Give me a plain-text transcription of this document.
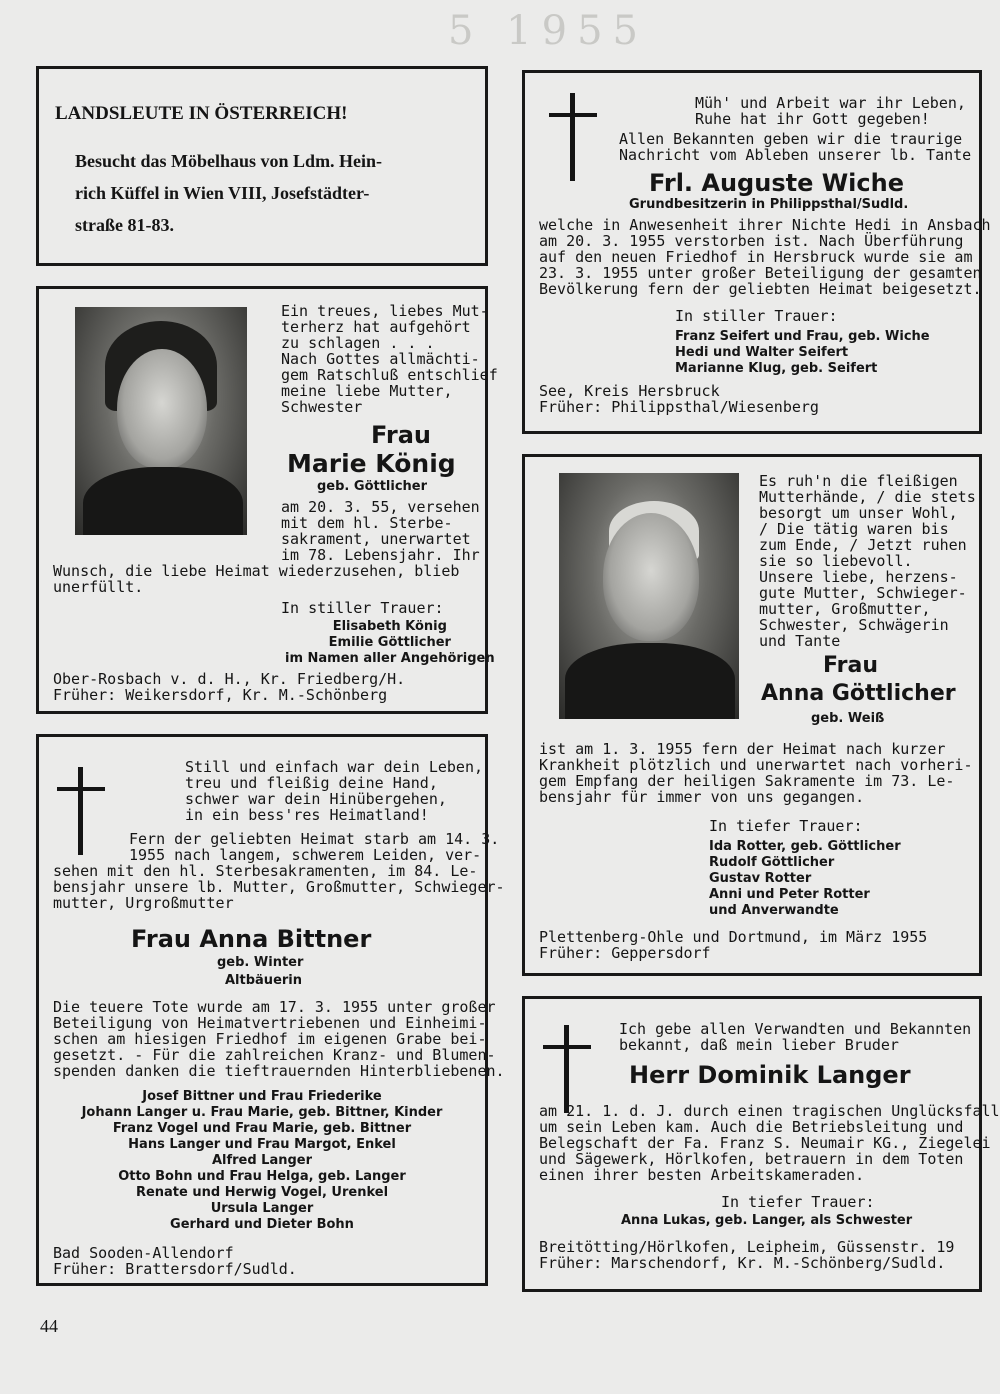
5 1955
LANDSLEUTE IN ÖSTERREICH!
Besucht das Möbelhaus von Ldm. Hein-
rich Küffel in Wien VIII, Josefstädter-
straße 81-83.
Ein treues, liebes Mut-
terherz hat aufgehört
zu schlagen . . .
Nach Gottes allmächti-
gem Ratschluß entschlief
meine liebe Mutter,
Schwester
Frau
Marie König
geb. Göttlicher
am 20. 3. 55, versehen
mit dem hl. Sterbe-
sakrament, unerwartet
im 78. Lebensjahr. Ihr
Wunsch, die liebe Heimat wiederzusehen, blieb
unerfüllt.
In stiller Trauer:
Elisabeth König
Emilie Göttlicher
im Namen aller Angehörigen
Ober-Rosbach v. d. H., Kr. Friedberg/H.
Früher: Weikersdorf, Kr. M.-Schönberg
Still und einfach war dein Leben,
treu und fleißig deine Hand,
schwer war dein Hinübergehen,
in ein bess'res Heimatland!
Fern der geliebten Heimat starb am 14. 3.
1955 nach langem, schwerem Leiden, ver-
sehen mit den hl. Sterbesakramenten, im 84. Le-
bensjahr unsere lb. Mutter, Großmutter, Schwieger-
mutter, Urgroßmutter
Frau Anna Bittner
geb. Winter
Altbäuerin
Die teuere Tote wurde am 17. 3. 1955 unter großer
Beteiligung von Heimatvertriebenen und Einheimi-
schen am hiesigen Friedhof im eigenen Grabe bei-
gesetzt. - Für die zahlreichen Kranz- und Blumen-
spenden danken die tieftrauernden Hinterbliebenen.
Josef Bittner und Frau Friederike
Johann Langer u. Frau Marie, geb. Bittner, Kinder
Franz Vogel und Frau Marie, geb. Bittner
Hans Langer und Frau Margot, Enkel
Alfred Langer
Otto Bohn und Frau Helga, geb. Langer
Renate und Herwig Vogel, Urenkel
Ursula Langer
Gerhard und Dieter Bohn
Bad Sooden-Allendorf
Früher: Brattersdorf/Sudld.
Müh' und Arbeit war ihr Leben,
Ruhe hat ihr Gott gegeben!
Allen Bekannten geben wir die traurige
Nachricht vom Ableben unserer lb. Tante
Frl. Auguste Wiche
Grundbesitzerin in Philippsthal/Sudld.
welche in Anwesenheit ihrer Nichte Hedi in Ansbach
am 20. 3. 1955 verstorben ist. Nach Überführung
auf den neuen Friedhof in Hersbruck wurde sie am
23. 3. 1955 unter großer Beteiligung der gesamten
Bevölkerung fern der geliebten Heimat beigesetzt.
In stiller Trauer:
Franz Seifert und Frau, geb. Wiche
Hedi und Walter Seifert
Marianne Klug, geb. Seifert
See, Kreis Hersbruck
Früher: Philippsthal/Wiesenberg
Es ruh'n die fleißigen
Mutterhände, / die stets
besorgt um unser Wohl,
/ Die tätig waren bis
zum Ende, / Jetzt ruhen
sie so liebevoll.
Unsere liebe, herzens-
gute Mutter, Schwieger-
mutter, Großmutter,
Schwester, Schwägerin
und Tante
Frau
Anna Göttlicher
geb. Weiß
ist am 1. 3. 1955 fern der Heimat nach kurzer
Krankheit plötzlich und unerwartet nach vorheri-
gem Empfang der heiligen Sakramente im 73. Le-
bensjahr für immer von uns gegangen.
In tiefer Trauer:
Ida Rotter, geb. Göttlicher
Rudolf Göttlicher
Gustav Rotter
Anni und Peter Rotter
und Anverwandte
Plettenberg-Ohle und Dortmund, im März 1955
Früher: Geppersdorf
Ich gebe allen Verwandten und Bekannten
bekannt, daß mein lieber Bruder
Herr Dominik Langer
am 21. 1. d. J. durch einen tragischen Unglücksfall
um sein Leben kam. Auch die Betriebsleitung und
Belegschaft der Fa. Franz S. Neumair KG., Ziegelei
und Sägewerk, Hörlkofen, betrauern in dem Toten
einen ihrer besten Arbeitskameraden.
In tiefer Trauer:
Anna Lukas, geb. Langer, als Schwester
Breitötting/Hörlkofen, Leipheim, Güssenstr. 19
Früher: Marschendorf, Kr. M.-Schönberg/Sudld.
44
